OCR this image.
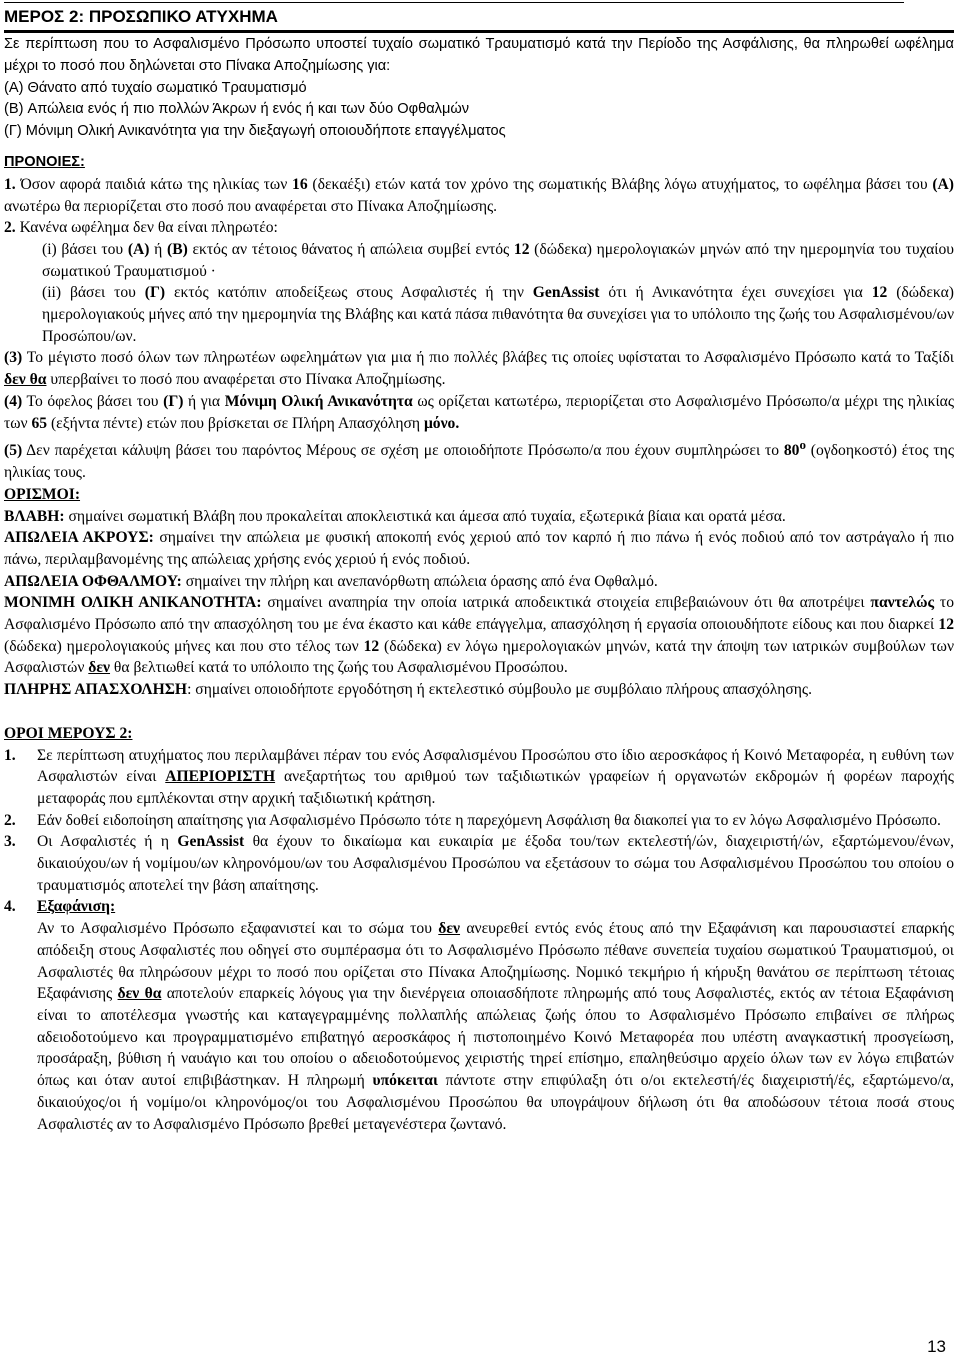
ΜΕΡΟΣ 2: ΠΡΟΣΩΠΙΚΟ ΑΤΥΧΗΜΑ

Σε περίπτωση που το Ασφαλισμένο Πρόσωπο υποστεί τυχαίο σωματικό Τραυματισμό κατά την Περίοδο της Ασφάλισης, θα πληρωθεί ωφέλημα μέχρι το ποσό που δηλώνεται στο Πίνακα Αποζημίωσης για:

(A) Θάνατο από τυχαίο σωματικό Τραυματισμό

(B) Απώλεια ενός ή πιο πολλών Άκρων ή ενός ή και των δύο Οφθαλμών

(Γ) Μόνιμη Ολική Ανικανότητα για την διεξαγωγή οποιουδήποτε επαγγέλματος

ΠΡΟΝΟΙΕΣ:

1. Όσον αφορά παιδιά κάτω της ηλικίας των 16 (δεκαέξι) ετών κατά τον χρόνο της σωματικής Βλάβης λόγω ατυχήματος, το ωφέλημα βάσει του (Α) ανωτέρω θα περιορίζεται στο ποσό που αναφέρεται στο Πίνακα Αποζημίωσης.

2. Κανένα ωφέλημα δεν θα είναι πληρωτέο:

(i) βάσει του (Α) ή (Β) εκτός αν τέτοιος θάνατος ή απώλεια συμβεί εντός 12 (δώδεκα) ημερολογιακών μηνών από την ημερομηνία του τυχαίου σωματικού Τραυματισμού ·

(ii) βάσει του (Γ) εκτός κατόπιν αποδείξεως στους Ασφαλιστές ή την GenAssist ότι ή Ανικανότητα έχει συνεχίσει για 12 (δώδεκα) ημερολογιακούς μήνες από την ημερομηνία της Βλάβης και κατά πάσα πιθανότητα θα συνεχίσει για το υπόλοιπο της ζωής του Ασφαλισμένου/ων Προσώπου/ων.

(3) Το μέγιστο ποσό όλων των πληρωτέων ωφελημάτων για μια ή πιο πολλές βλάβες τις οποίες υφίσταται το Ασφαλισμένο Πρόσωπο κατά το Ταξίδι δεν θα υπερβαίνει το ποσό που αναφέρεται στο Πίνακα Αποζημίωσης.

(4) Το όφελος βάσει του (Γ) ή για Μόνιμη Ολική Ανικανότητα ως ορίζεται κατωτέρω, περιορίζεται στο Ασφαλισμένο Πρόσωπο/α μέχρι της ηλικίας των 65 (εξήντα πέντε) ετών που βρίσκεται σε Πλήρη Απασχόληση μόνο.

(5) Δεν παρέχεται κάλυψη βάσει του παρόντος Μέρους σε σχέση με οποιοδήποτε Πρόσωπο/α που έχουν συμπληρώσει το $80^o$ (ογδοηκοστό) έτος της ηλικίας τους.

ΟΡΙΣΜΟΙ:

ΒΛΑΒΗ: σημαίνει σωματική Βλάβη που προκαλείται αποκλειστικά και άμεσα από τυχαία, εξωτερικά βίαια και ορατά μέσα.

ΑΠΩΛΕΙΑ ΑΚΡΟΥΣ: σημαίνει την απώλεια με φυσική αποκοπή ενός χεριού από τον καρπό ή πιο πάνω ή ενός ποδιού από τον αστράγαλο ή πιο πάνω, περιλαμβανομένης της απώλειας χρήσης ενός χεριού ή ενός ποδιού.

ΑΠΩΛΕΙΑ ΟΦΘΑΛΜΟΥ: σημαίνει την πλήρη και ανεπανόρθωτη απώλεια όρασης από ένα Οφθαλμό.

ΜΟΝΙΜΗ ΟΛΙΚΗ ΑΝΙΚΑΝΟΤΗΤΑ: σημαίνει αναπηρία την οποία ιατρικά αποδεικτικά στοιχεία επιβεβαιώνουν ότι θα αποτρέψει παντελώς το Ασφαλισμένο Πρόσωπο από την απασχόληση του με ένα έκαστο και κάθε επάγγελμα, απασχόληση ή εργασία οποιουδήποτε είδους και που διαρκεί 12 (δώδεκα) ημερολογιακούς μήνες και που στο τέλος των 12 (δώδεκα) εν λόγω ημερολογιακών μηνών, κατά την άποψη των ιατρικών συμβούλων των Ασφαλιστών δεν θα βελτιωθεί κατά το υπόλοιπο της ζωής του Ασφαλισμένου Προσώπου.

ΠΛΗΡΗΣ ΑΠΑΣΧΟΛΗΣΗ: σημαίνει οποιοδήποτε εργοδότηση ή εκτελεστικό σύμβουλο με συμβόλαιο πλήρους απασχόλησης.

ΟΡΟΙ ΜΕΡΟΥΣ 2:

1. Σε περίπτωση ατυχήματος που περιλαμβάνει πέραν του ενός Ασφαλισμένου Προσώπου στο ίδιο αεροσκάφος ή Κοινό Μεταφορέα, η ευθύνη των Ασφαλιστών είναι ΑΠΕΡΙΟΡΙΣΤΗ ανεξαρτήτως του αριθμού των ταξιδιωτικών γραφείων ή οργανωτών εκδρομών ή φορέων παροχής μεταφοράς που εμπλέκονται στην αρχική ταξιδιωτική κράτηση.

2. Εάν δοθεί ειδοποίηση απαίτησης για Ασφαλισμένο Πρόσωπο τότε η παρεχόμενη Ασφάλιση θα διακοπεί για το εν λόγω Ασφαλισμένο Πρόσωπο.

3. Οι Ασφαλιστές ή η GenAssist θα έχουν το δικαίωμα και ευκαιρία με έξοδα του/των εκτελεστή/ών, διαχειριστή/ών, εξαρτώμενου/ένων, δικαιούχου/ων ή νομίμου/ων κληρονόμου/ων του Ασφαλισμένου Προσώπου να εξετάσουν το σώμα του Ασφαλισμένου Προσώπου του οποίου ο τραυματισμός αποτελεί την βάση απαίτησης.

4. Εξαφάνιση:

Αν το Ασφαλισμένο Πρόσωπο εξαφανιστεί και το σώμα του δεν ανευρεθεί εντός ενός έτους από την Εξαφάνιση και παρουσιαστεί επαρκής απόδειξη στους Ασφαλιστές που οδηγεί στο συμπέρασμα ότι το Ασφαλισμένο Πρόσωπο πέθανε συνεπεία τυχαίου σωματικού Τραυματισμού, οι Ασφαλιστές θα πληρώσουν μέχρι το ποσό που ορίζεται στο Πίνακα Αποζημίωσης. Νομικό τεκμήριο ή κήρυξη θανάτου σε περίπτωση τέτοιας Εξαφάνισης δεν θα αποτελούν επαρκείς λόγους για την διενέργεια οποιασδήποτε πληρωμής από τους Ασφαλιστές, εκτός αν τέτοια Εξαφάνιση είναι το αποτέλεσμα γνωστής και καταγεγραμμένης πολλαπλής απώλειας ζωής όπου το Ασφαλισμένο Πρόσωπο επιβαίνει σε πλήρως αδειοδοτούμενο και προγραμματισμένο επιβατηγό αεροσκάφος ή πιστοποιημένο Κοινό Μεταφορέα που υπέστη αναγκαστική προσγείωση, προσάραξη, βύθιση ή ναυάγιο και του οποίου ο αδειοδοτούμενος χειριστής τηρεί επίσημο, επαληθεύσιμο αρχείο όλων των εν λόγω επιβατών όπως και όταν αυτοί επιβιβάστηκαν. Η πληρωμή υπόκειται πάντοτε στην επιφύλαξη ότι ο/οι εκτελεστή/ές διαχειριστή/ές, εξαρτώμενο/α, δικαιούχος/οι ή νομίμο/οι κληρονόμος/οι του Ασφαλισμένου Προσώπου θα υπογράψουν δήλωση ότι θα αποδώσουν τέτοια ποσά στους Ασφαλιστές αν το Ασφαλισμένο Πρόσωπο βρεθεί μεταγενέστερα ζωντανό.

13
